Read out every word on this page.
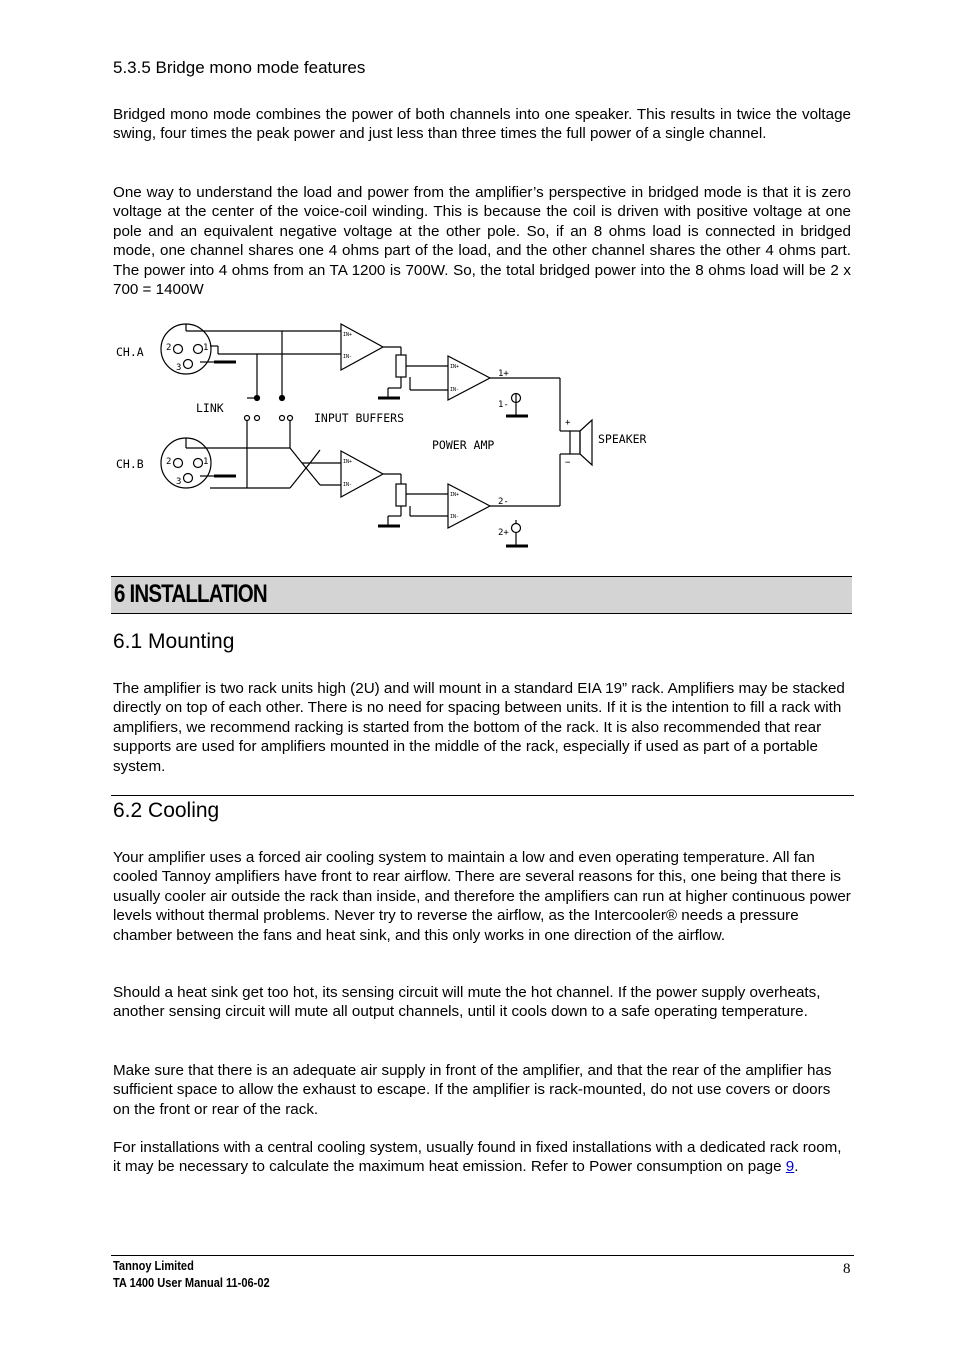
5.3.5 Bridge mono mode features

Bridged mono mode combines the power of both channels into one speaker. This results in twice the voltage swing, four times the peak power and just less than three times the full power of a single channel.

One way to understand the load and power from the amplifier’s perspective in bridged mode is that it is zero voltage at the center of the voice-coil winding. This is because the coil is driven with positive voltage at one pole and an equivalent negative voltage at the other pole. So, if an 8 ohms load is connected in bridged mode, one channel shares one 4 ohms part of the load, and the other channel shares the other 4 ohms part. The power into 4 ohms from an TA 1200 is 700W. So, the total bridged power into the 8 ohms load will be 2 x 700 = 1400W

CH.A
CH.B
LINK
INPUT BUFFERS
POWER AMP	SPEAKER
1+
1-
2-
2+
+
−
2	1
3
2	1
3
IN+
IN-
IN+
IN-
IN+
IN-
IN+
IN-
6 INSTALLATION
6.1 Mounting

The amplifier is two rack units high (2U) and will mount in a standard EIA 19” rack. Amplifiers may be stacked directly on top of each other. There is no need for spacing between units. If it is the intention to fill a rack with amplifiers, we recommend racking is started from the bottom of the rack. It is also recommended that rear supports are used for amplifiers mounted in the middle of the rack, especially if used as part of a portable system.

6.2 Cooling

Your amplifier uses a forced air cooling system to maintain a low and even operating temperature. All fan cooled Tannoy amplifiers have front to rear airflow. There are several reasons for this, one being that there is usually cooler air outside the rack than inside, and therefore the amplifiers can run at higher continuous power levels without thermal problems. Never try to reverse the airflow, as the Intercooler® needs a pressure chamber between the fans and heat sink, and this only works in one direction of the airflow.

Should a heat sink get too hot, its sensing circuit will mute the hot channel. If the power supply overheats, another sensing circuit will mute all output channels, until it cools down to a safe operating temperature.

Make sure that there is an adequate air supply in front of the amplifier, and that the rear of the amplifier has sufficient space to allow the exhaust to escape. If the amplifier is rack-mounted, do not use covers or doors on the front or rear of the rack.

For installations with a central cooling system, usually found in fixed installations with a dedicated rack room, it may be necessary to calculate the maximum heat emission. Refer to Power consumption on page 9.

Tannoy Limited
TA 1400 User Manual 11-06-02
8
